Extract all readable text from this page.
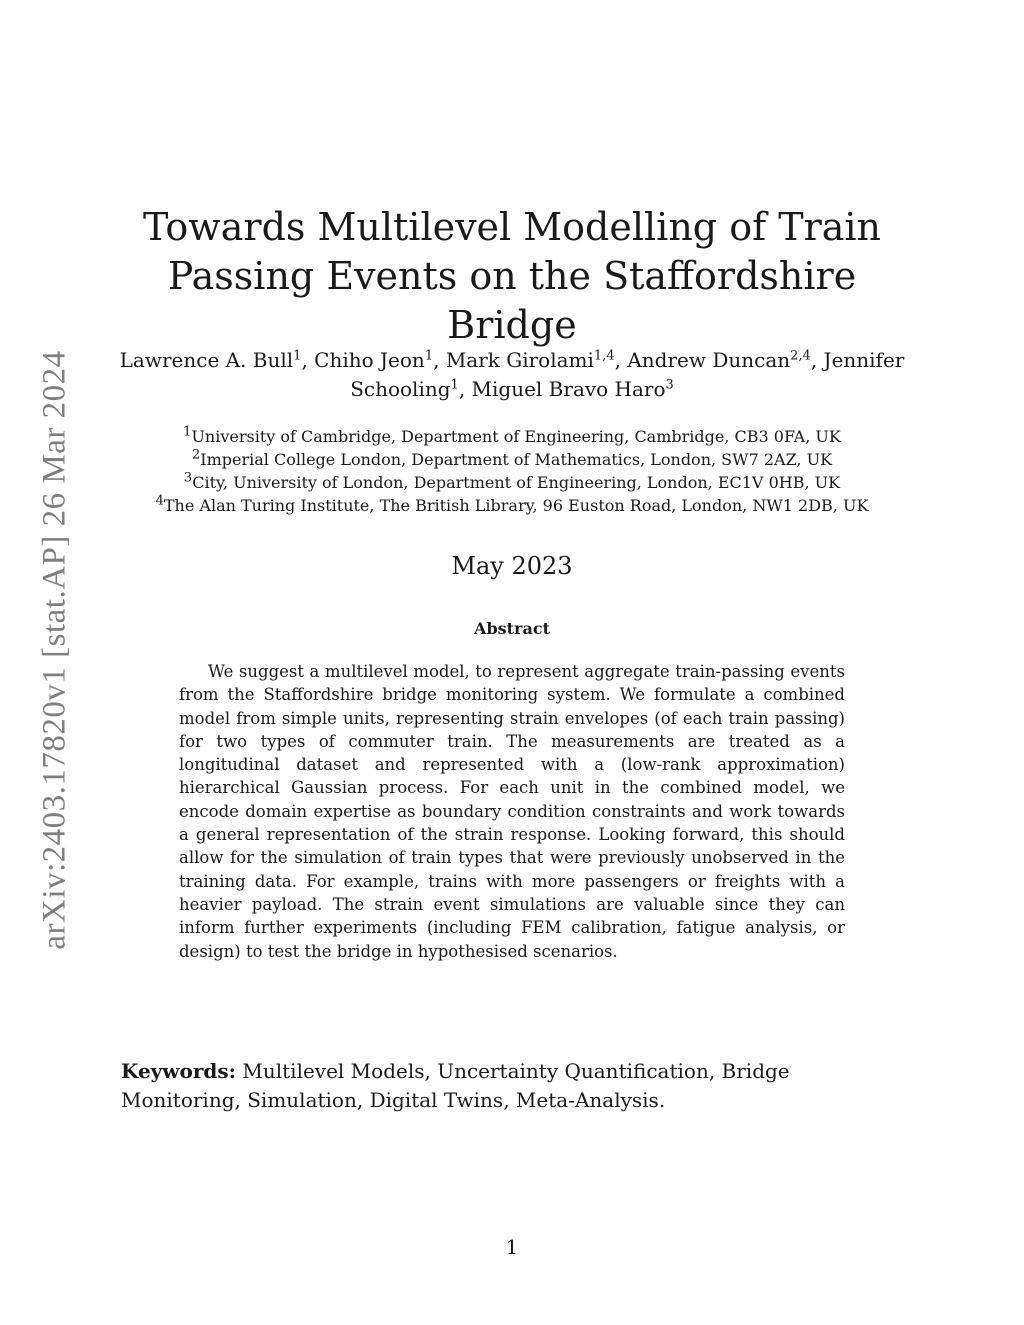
arXiv:2403.17820v1 [stat.AP] 26 Mar 2024
Towards Multilevel Modelling of Train
Passing Events on the Staffordshire Bridge
Lawrence A. Bull$^1$, Chiho Jeon$^1$, Mark Girolami$^{1,4}$, Andrew Duncan$^{2,4}$, Jennifer Schooling$^1$, Miguel Bravo Haro$^3$
$^1$University of Cambridge, Department of Engineering, Cambridge, CB3 0FA, UK
$^2$Imperial College London, Department of Mathematics, London, SW7 2AZ, UK
$^3$City, University of London, Department of Engineering, London, EC1V 0HB, UK
$^4$The Alan Turing Institute, The British Library, 96 Euston Road, London, NW1 2DB, UK
May 2023
Abstract

We suggest a multilevel model, to represent aggregate train-passing events from the Staffordshire bridge monitoring system. We formulate a combined model from simple units, representing strain envelopes (of each train passing) for two types of commuter train. The measurements are treated as a longitudinal dataset and represented with a (low-rank approximation) hierarchical Gaussian process. For each unit in the combined model, we encode domain expertise as boundary condition constraints and work towards a general representation of the strain response. Looking forward, this should allow for the simulation of train types that were previously unobserved in the training data. For example, trains with more passengers or freights with a heavier payload. The strain event simulations are valuable since they can inform further experiments (including FEM calibration, fatigue analysis, or design) to test the bridge in hypothesised scenarios.

Keywords: Multilevel Models, Uncertainty Quantification, Bridge Monitoring, Simulation, Digital Twins, Meta-Analysis.
1
